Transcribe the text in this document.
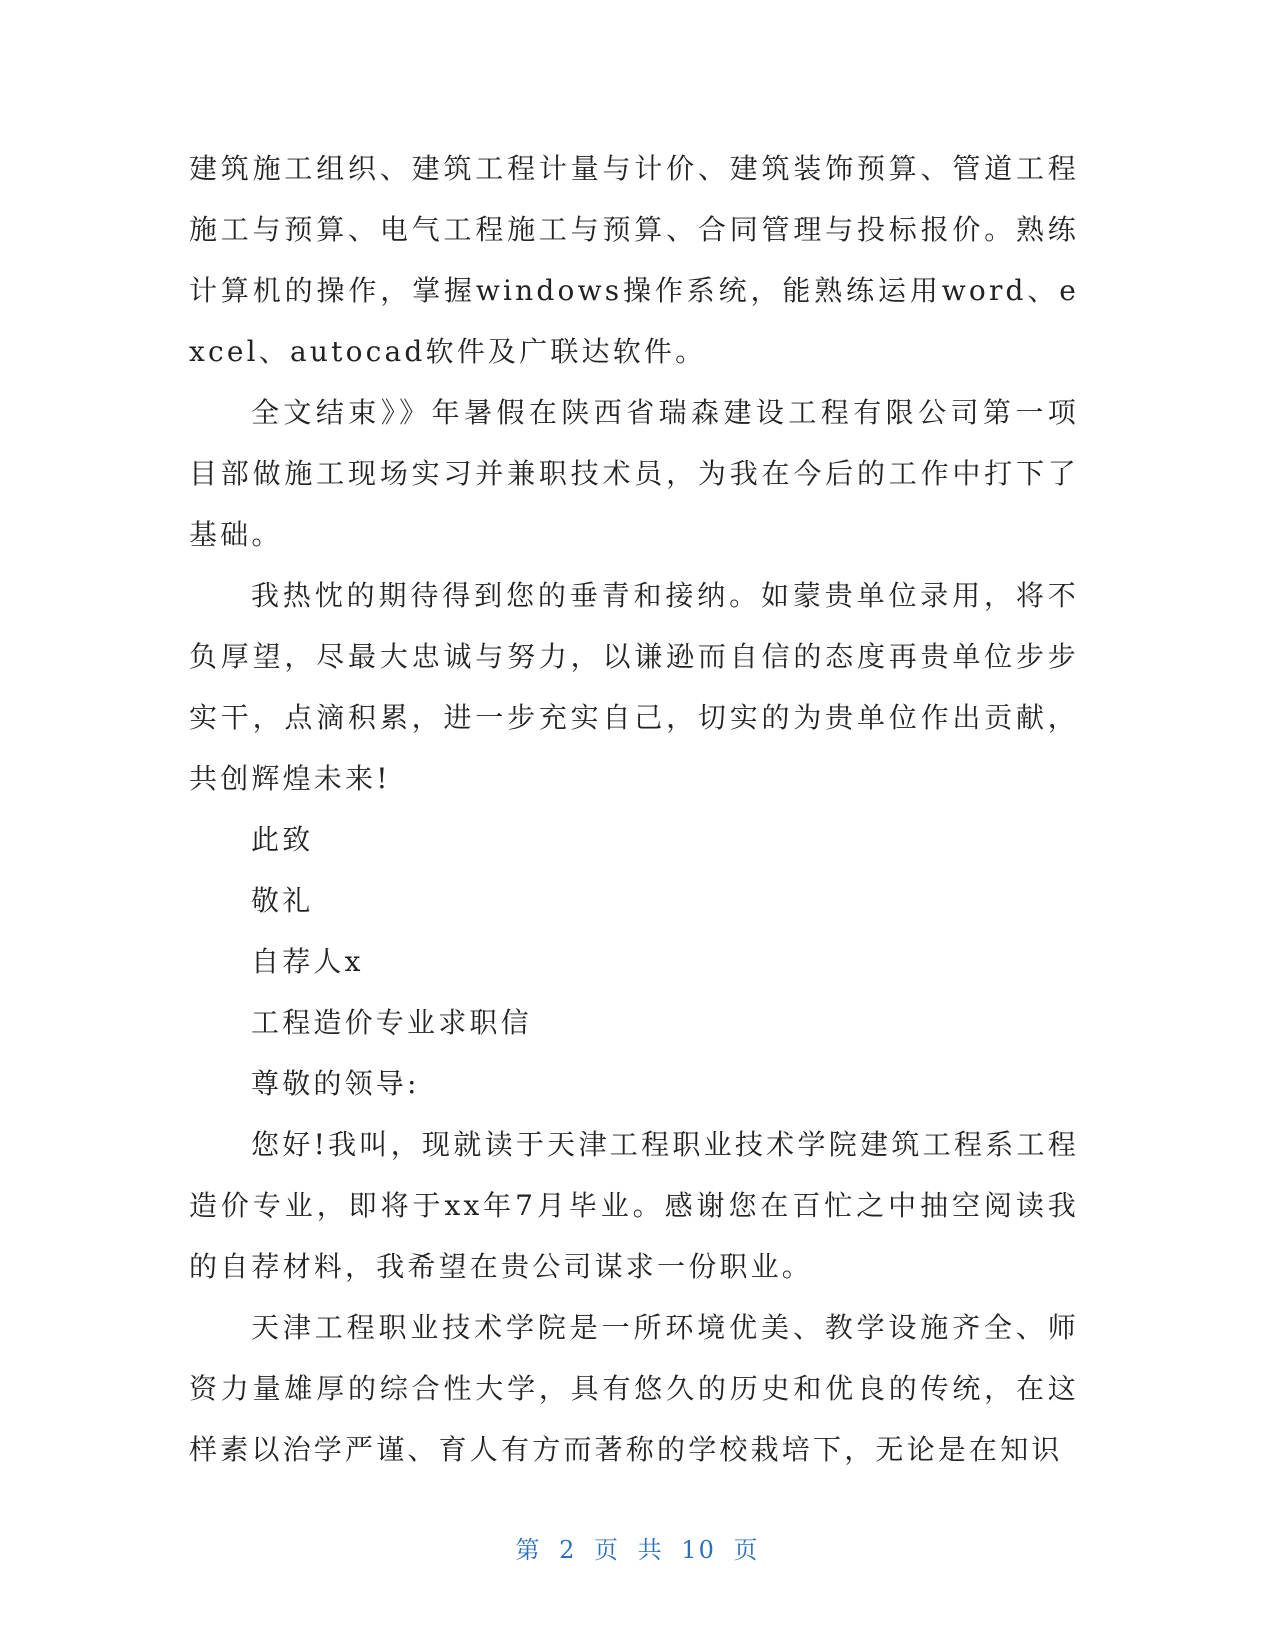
建筑施工组织、建筑工程计量与计价、建筑装饰预算、管道工程施工与预算、电气工程施工与预算、合同管理与投标报价。熟练计算机的操作，掌握windows操作系统，能熟练运用word、excel、autocad软件及广联达软件。

全文结束》》年暑假在陕西省瑞森建设工程有限公司第一项目部做施工现场实习并兼职技术员，为我在今后的工作中打下了基础。

我热忱的期待得到您的垂青和接纳。如蒙贵单位录用，将不负厚望，尽最大忠诚与努力，以谦逊而自信的态度再贵单位步步实干，点滴积累，进一步充实自己，切实的为贵单位作出贡献，共创辉煌未来!

此致

敬礼

自荐人x

工程造价专业求职信

尊敬的领导:

您好!我叫，现就读于天津工程职业技术学院建筑工程系工程造价专业，即将于xx年7月毕业。感谢您在百忙之中抽空阅读我的自荐材料，我希望在贵公司谋求一份职业。

天津工程职业技术学院是一所环境优美、教学设施齐全、师资力量雄厚的综合性大学，具有悠久的历史和优良的传统，在这样素以治学严谨、育人有方而著称的学校栽培下，无论是在知识

第 2 页 共 10 页
